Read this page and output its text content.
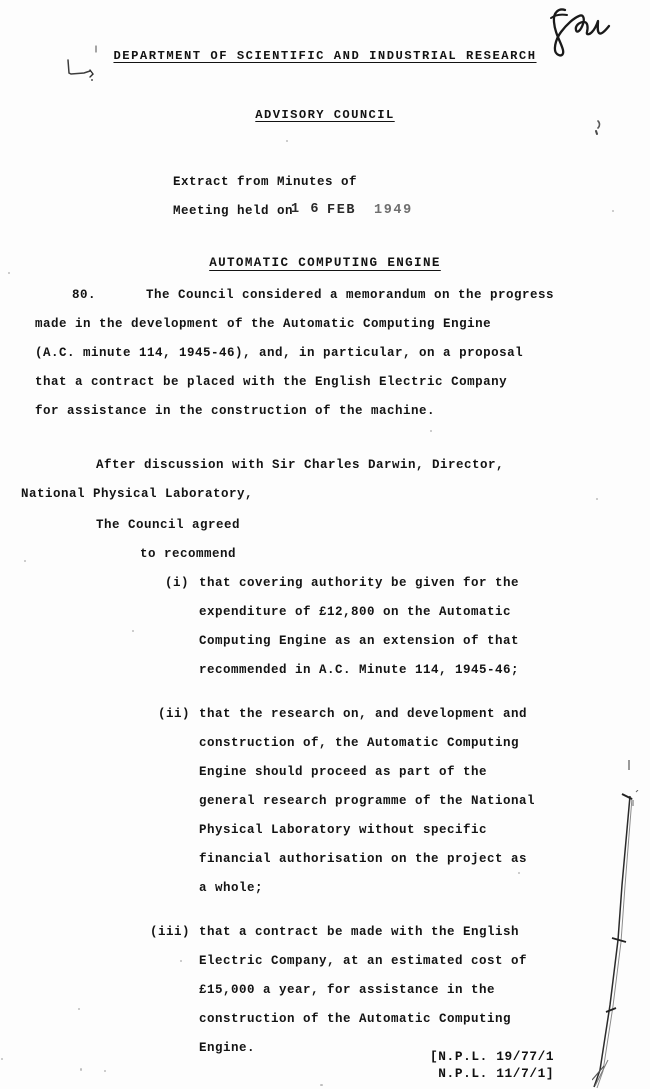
DEPARTMENT OF SCIENTIFIC AND INDUSTRIAL RESEARCH
ADVISORY COUNCIL
Extract from Minutes of
Meeting held on
1 6 FEB 1949
AUTOMATIC COMPUTING ENGINE
80.	The Council considered a memorandum on the progress
made in the development of the Automatic Computing Engine
(A.C. minute 114, 1945-46), and, in particular, on a proposal
that a contract be placed with the English Electric Company
for assistance in the construction of the machine.
After discussion with Sir Charles Darwin, Director,
National Physical Laboratory,
The Council agreed
to recommend
(i) that covering authority be given for the
expenditure of £12,800 on the Automatic
Computing Engine as an extension of that
recommended in A.C. Minute 114, 1945-46;
(ii) that the research on, and development and
construction of, the Automatic Computing
Engine should proceed as part of the
general research programme of the National
Physical Laboratory without specific
financial authorisation on the project as
a whole;
(iii) that a contract be made with the English
Electric Company, at an estimated cost of
£15,000 a year, for assistance in the
construction of the Automatic Computing
Engine.
[N.P.L. 19/77/1
N.P.L. 11/7/1]
